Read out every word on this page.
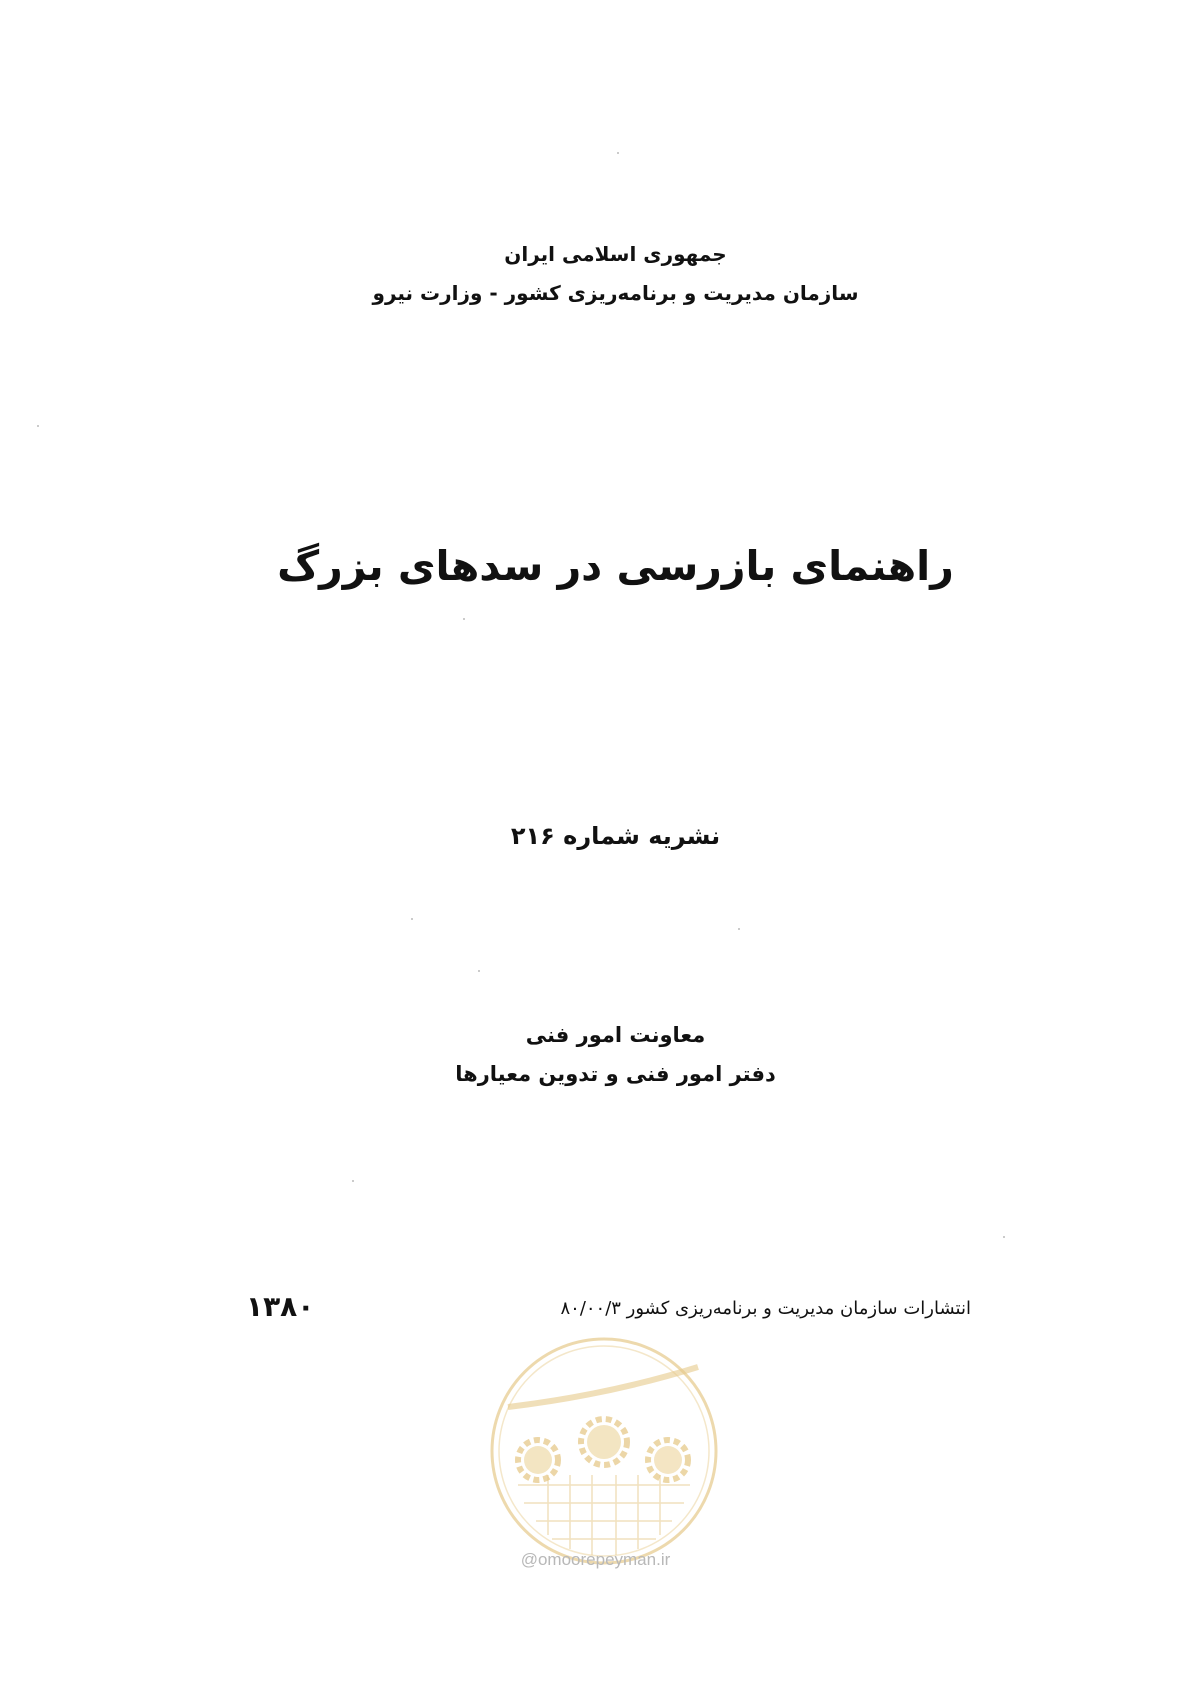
جمهوری اسلامی ایران
سازمان مدیریت و برنامه‌ریزی کشور - وزارت نیرو
راهنمای بازرسی در سدهای بزرگ
نشریه شماره ۲۱۶
معاونت امور فنی
دفتر امور فنی و تدوین معیارها
انتشارات سازمان مدیریت و برنامه‌ریزی کشور ۸۰/۰۰/۳
۱۳۸۰
@omoorepeyman.ir
